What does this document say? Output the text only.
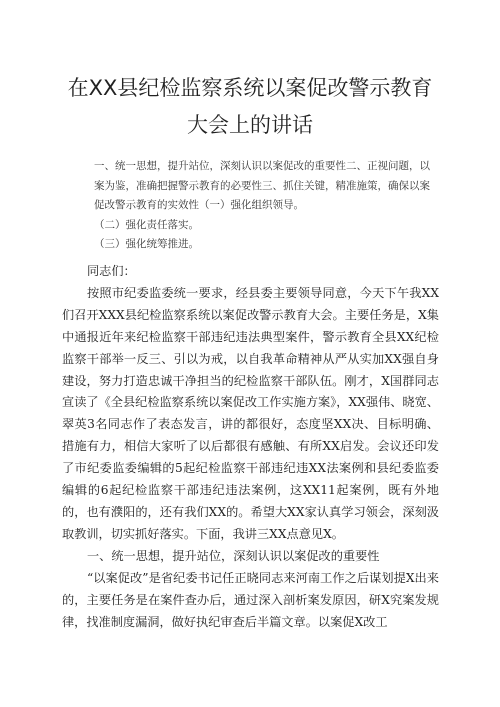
在XX县纪检监察系统以案促改警示教育大会上的讲话
一、统一思想，提升站位，深刻认识以案促改的重要性二、正视问题，以案为鉴，准确把握警示教育的必要性三、抓住关键，精准施策，确保以案促改警示教育的实效性（一）强化组织领导。
（二）强化责任落实。
（三）强化统筹推进。

同志们：

按照市纪委监委统一要求，经县委主要领导同意，今天下午我XX们召开XXX县纪检监察系统以案促改警示教育大会。主要任务是，X集中通报近年来纪检监察干部违纪违法典型案件，警示教育全县XX纪检监察干部举一反三、引以为戒，以自我革命精神从严从实加XX强自身建设，努力打造忠诚干净担当的纪检监察干部队伍。刚才，X国群同志宣读了《全县纪检监察系统以案促改工作实施方案》，XX强伟、晓宽、翠英3名同志作了表态发言，讲的都很好，态度坚XX决、目标明确、措施有力，相信大家听了以后都很有感触、有所XX启发。会议还印发了市纪委监委编辑的5起纪检监察干部违纪违XX法案例和县纪委监委编辑的6起纪检监察干部违纪违法案例，这XX11起案例，既有外地的，也有濮阳的，还有我们XX的。希望大XX家认真学习领会，深刻汲取教训，切实抓好落实。下面，我讲三XX点意见X。

一、统一思想，提升站位，深刻认识以案促改的重要性

“以案促改”是省纪委书记任正晓同志来河南工作之后谋划提X出来的，主要任务是在案件查办后，通过深入剖析案发原因，研X究案发规律，找准制度漏洞，做好执纪审查后半篇文章。以案促X改工
